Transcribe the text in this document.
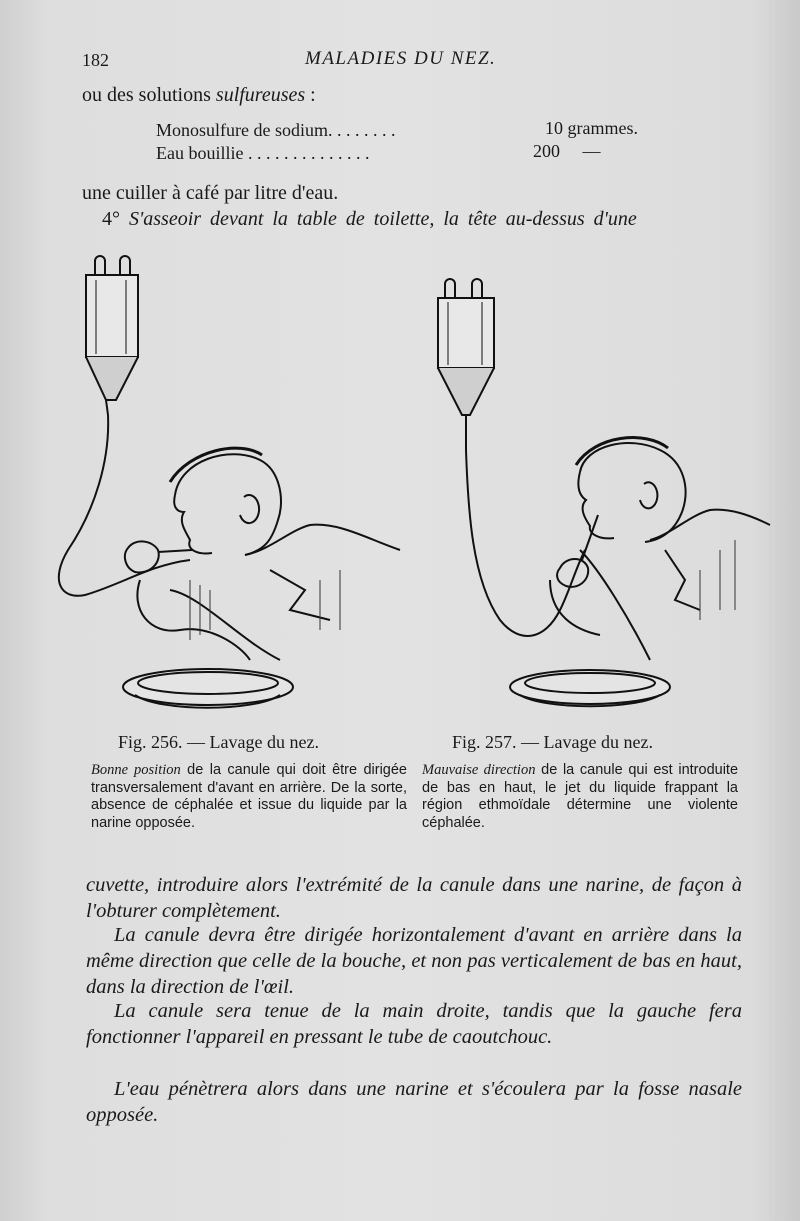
182	MALADIES DU NEZ.
ou des solutions sulfureuses :
Monosulfure de sodium. . . . . . . .	10 grammes.
Eau bouillie . . . . . . . . . . . . . .	200     —
une cuiller à café par litre d'eau.
4° S'asseoir devant la table de toilette, la tête au-dessus d'une
Fig. 256. — Lavage du nez.	Fig. 257. — Lavage du nez.
Bonne position de la canule qui doit être dirigée transversalement d'avant en arrière. De la sorte, absence de céphalée et issue du liquide par la narine opposée.
Mauvaise direction de la canule qui est introduite de bas en haut, le jet du liquide frappant la région ethmoïdale détermine une violente céphalée.
cuvette, introduire alors l'extrémité de la canule dans une narine, de façon à l'obturer complètement.
La canule devra être dirigée horizontalement d'avant en arrière dans la même direction que celle de la bouche, et non pas verticalement de bas en haut, dans la direction de l'œil.
La canule sera tenue de la main droite, tandis que la gauche fera fonctionner l'appareil en pressant le tube de caoutchouc.
L'eau pénètrera alors dans une narine et s'écoulera par la fosse nasale opposée.
